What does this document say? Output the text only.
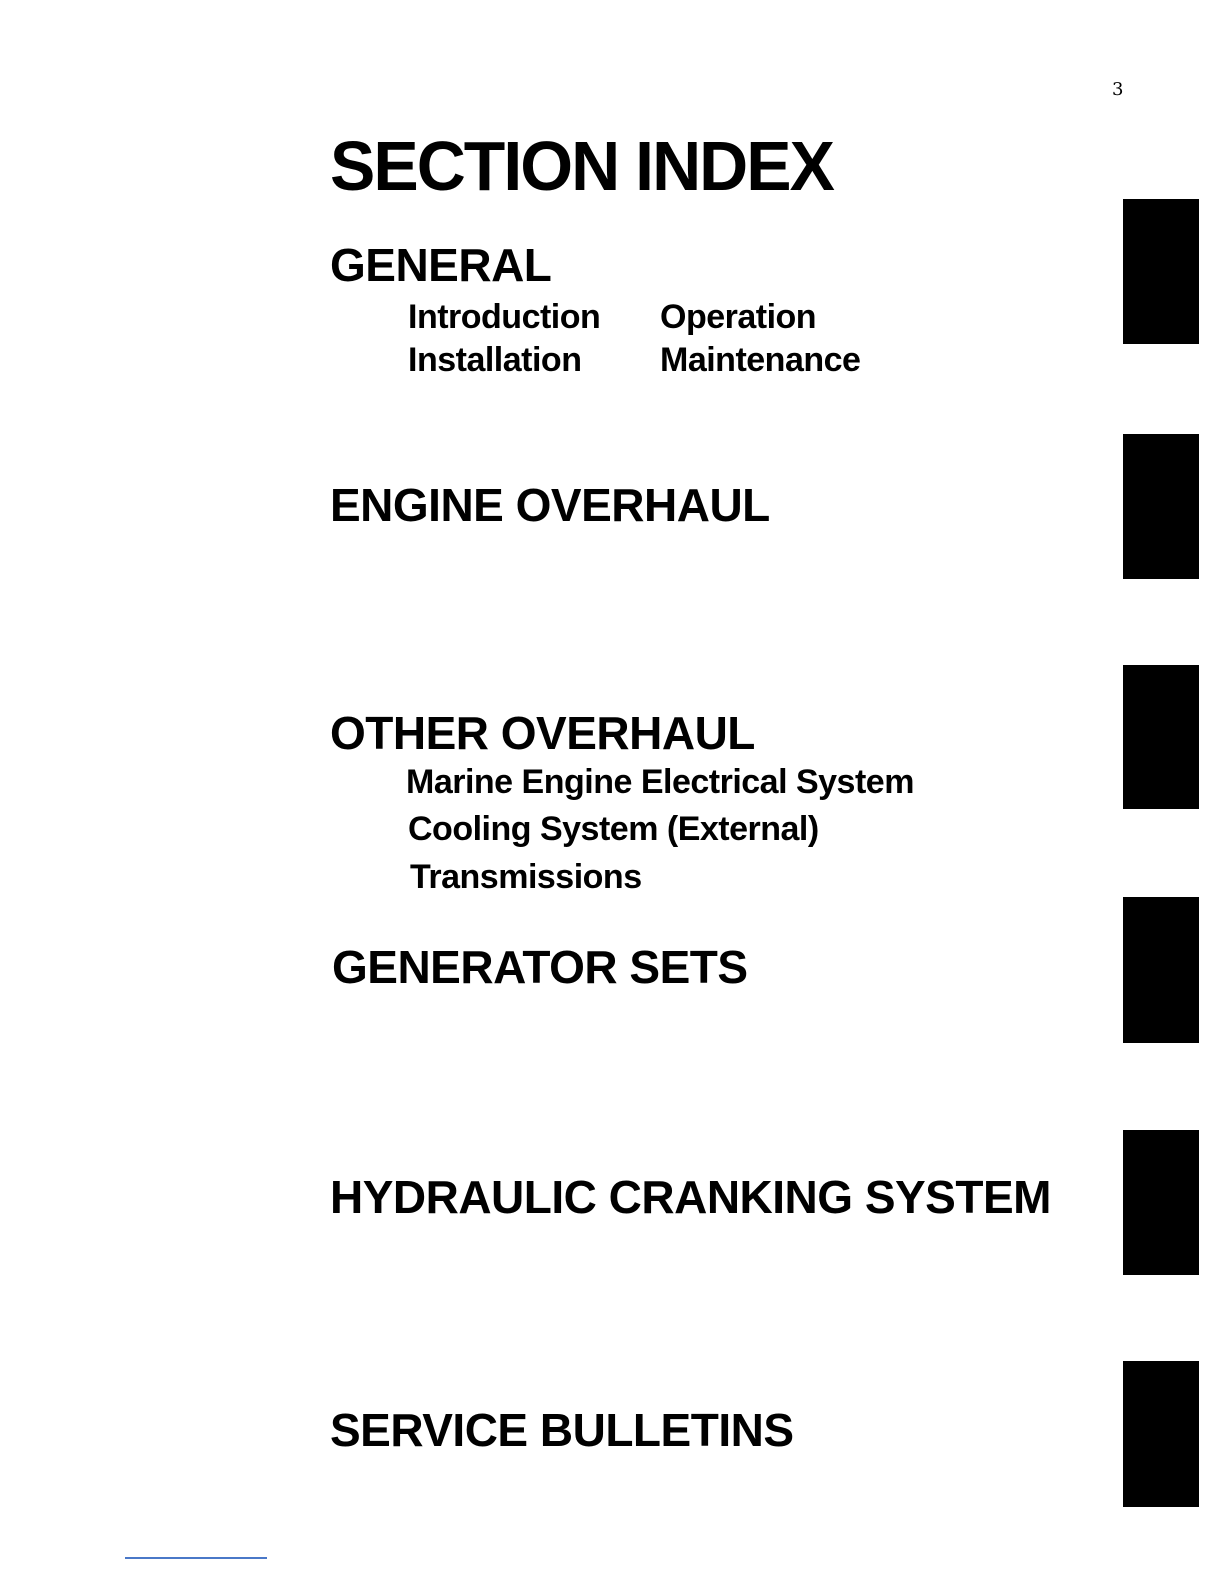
3
SECTION INDEX
GENERAL
Introduction
Installation
Operation
Maintenance
ENGINE OVERHAUL
OTHER OVERHAUL
Marine Engine Electrical System
Cooling System (External)
Transmissions
GENERATOR SETS
HYDRAULIC CRANKING SYSTEM
SERVICE BULLETINS
